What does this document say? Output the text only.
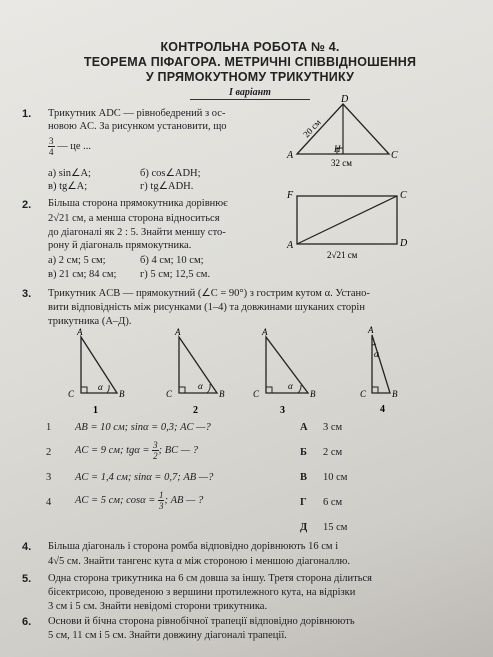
КОНТРОЛЬНА РОБОТА № 4.
ТЕОРЕМА ПІФАГОРА. МЕТРИЧНІ СПІВВІДНОШЕННЯ
У ПРЯМОКУТНОМУ ТРИКУТНИКУ
І варіант
1. Трикутник ADC — рівнобедрений з ос-
новою AC. За рисунком установити, що
$\frac{3}{4}$ — це ...
а) sin∠A;	б) cos∠ADH;
в) tg∠A;	г) tg∠ADH.
D
A
H
C
20 см
32 см
2. Більша сторона прямокутника дорівнює
2√21 см, а менша сторона відноситься
до діагоналі як 2 : 5. Знайти меншу сто-
рону й діагональ прямокутника.
а) 2 см; 5 см;	б) 4 см; 10 см;
в) 21 см; 84 см; г) 5 см; 12,5 см.
F	C
A	D
2√21 см
3. Трикутник ACB — прямокутний (∠C = 90°) з гострим кутом α. Устано-
вити відповідність між рисунками (1–4) та довжинами шуканих сторін
трикутника (А–Д).
A
C	B
α
1
A
C	B
α
2
A
C	B
α
3
A
C	B
α
4
1 AB = 10 см; sinα = 0,3; AC —?
2 AC = 9 см; $tg\alpha = \frac{3}{2}$ ; BC — ?
3 AC = 1,4 см; sinα = 0,7; AB —?
4 AC = 5 см; $\cos\alpha = \frac{1}{3}$ ; AB — ?
А 3 см
Б 2 см
В 10 см
Г 6 см
Д 15 см
4. Більша діагональ і сторона ромба відповідно дорівнюють 16 см і
4√5 см. Знайти тангенс кута α між стороною і меншою діагоналлю.
5. Одна сторона трикутника на 6 см довша за іншу. Третя сторона ділиться
бісектрисою, проведеною з вершини протилежного кута, на відрізки
3 см і 5 см. Знайти невідомі сторони трикутника.
6. Основи й бічна сторона рівнобічної трапеції відповідно дорівнюють
5 см, 11 см і 5 см. Знайти довжину діагоналі трапеції.
